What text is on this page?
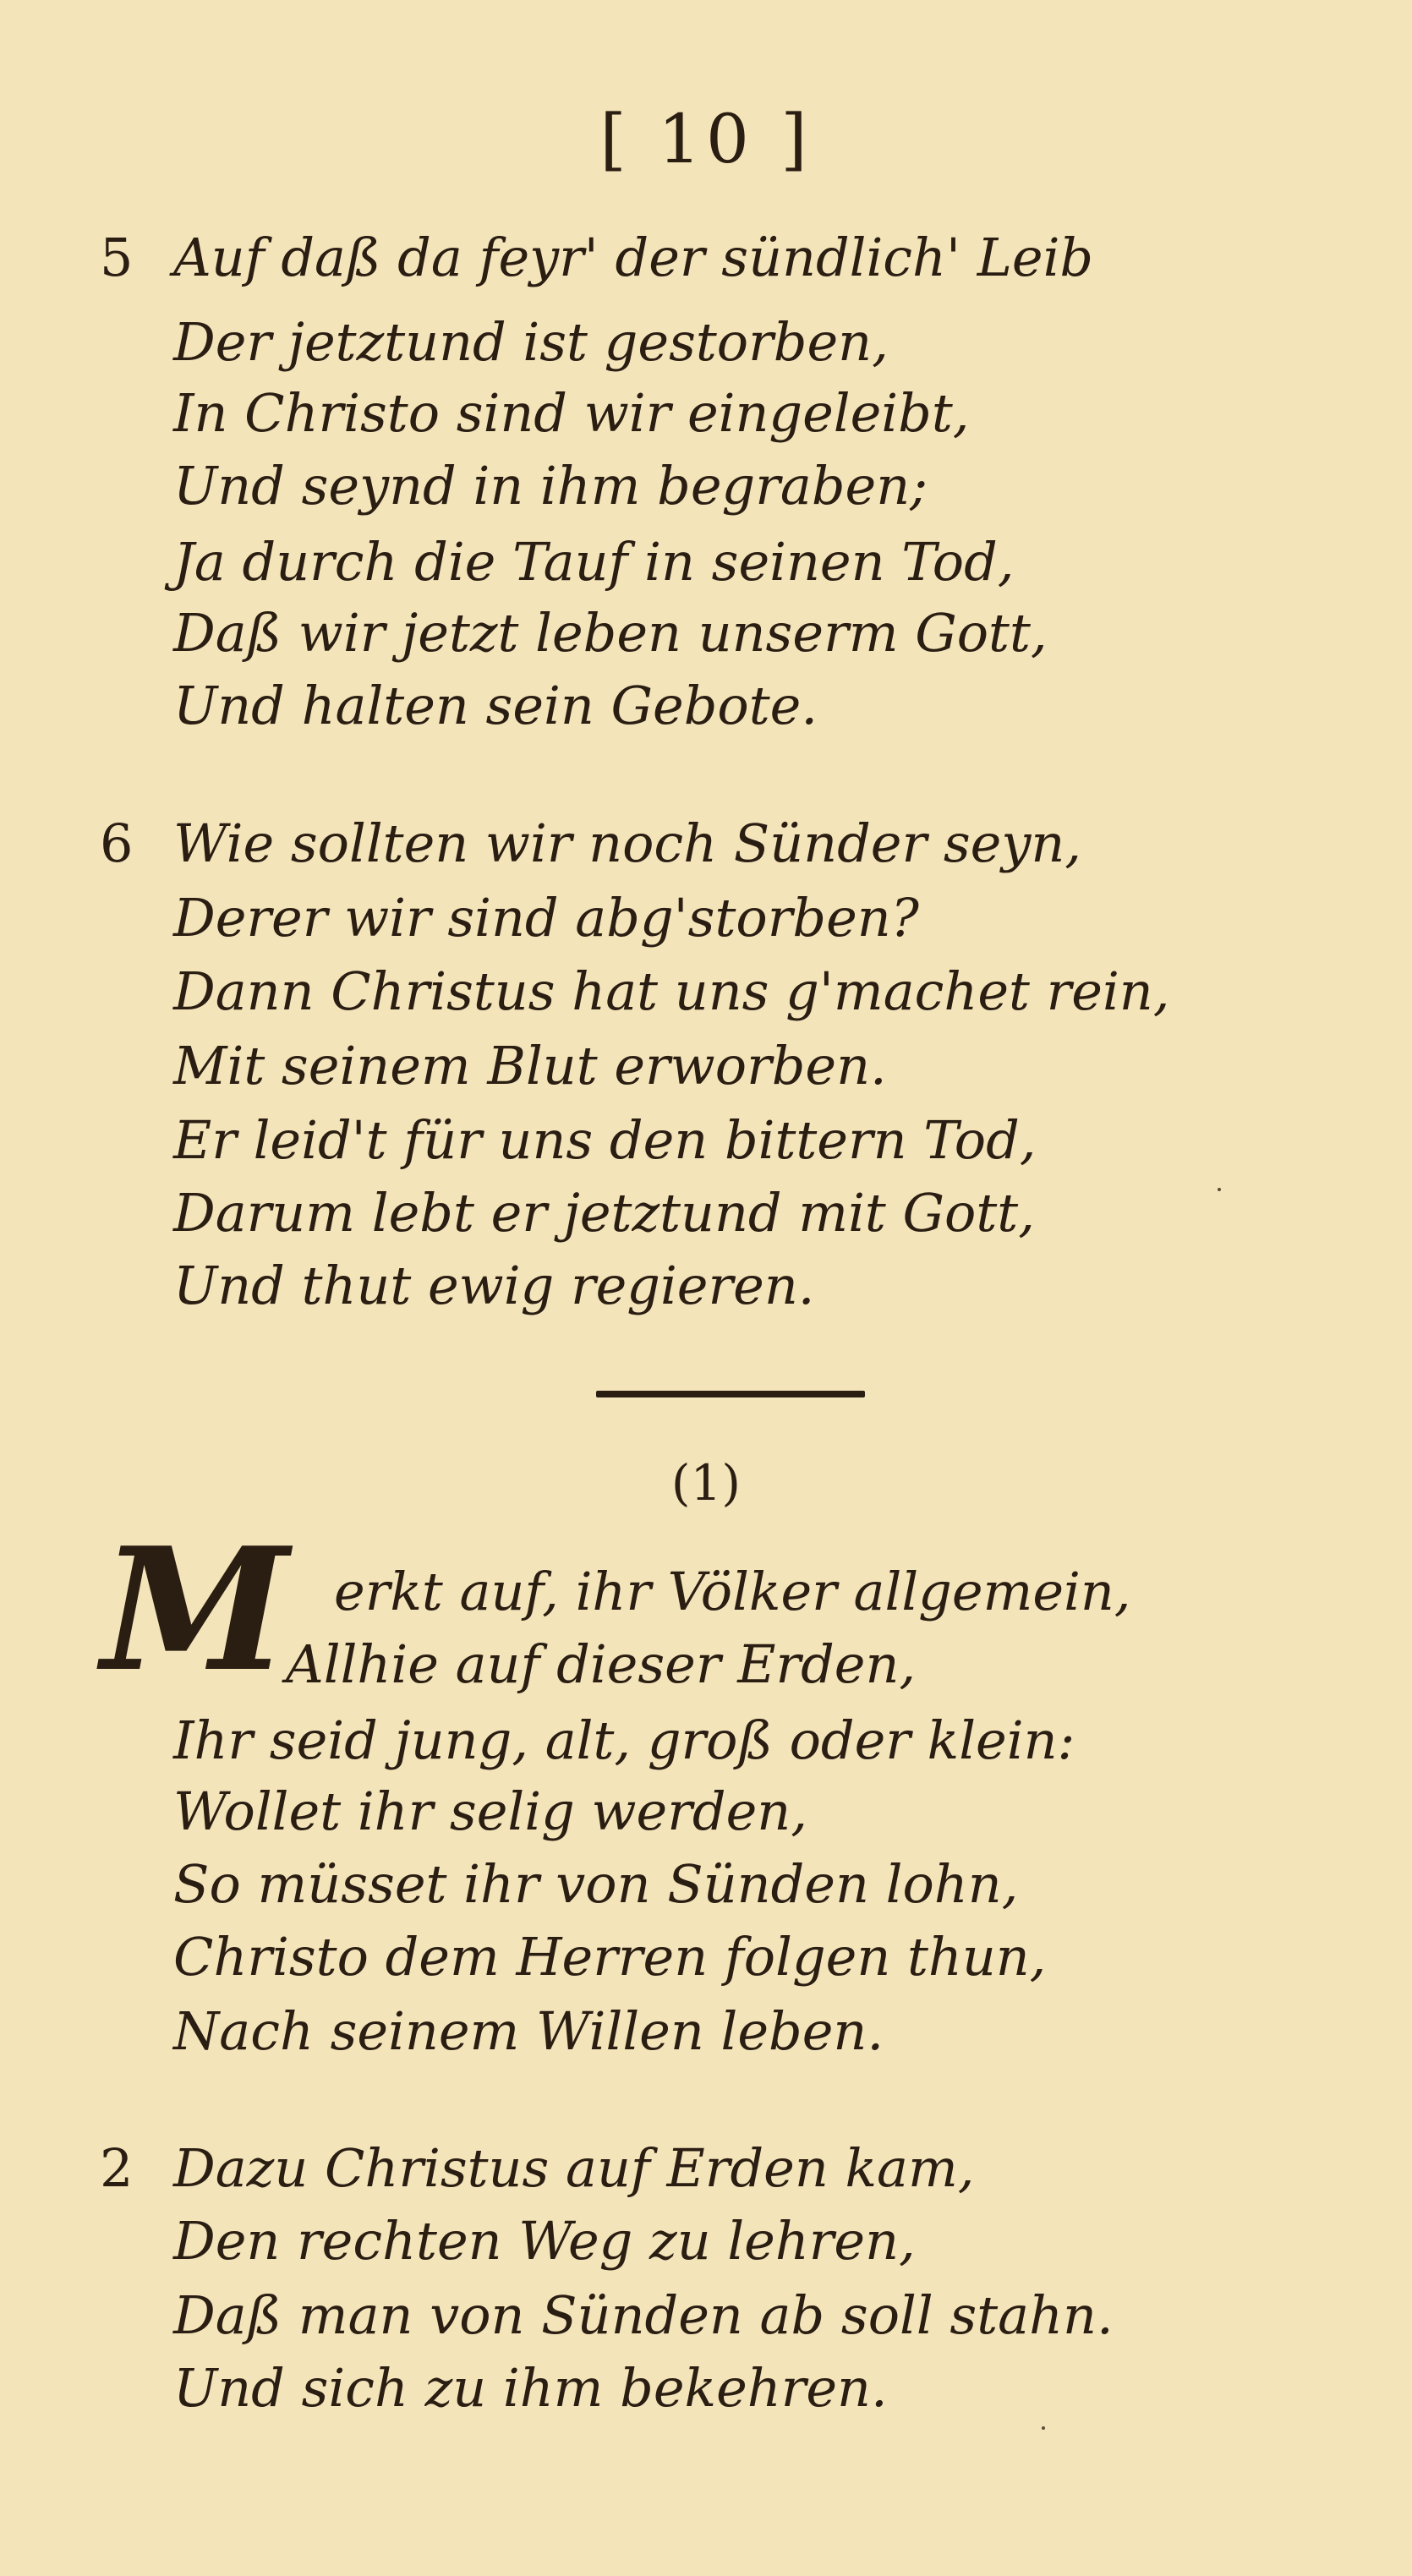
[ 10 ]
5 Auf daß da feyr' der sündlich' Leib
Der jetztund ist gestorben,
In Christo sind wir eingeleibt,
Und seynd in ihm begraben;
Ja durch die Tauf in seinen Tod,
Daß wir jetzt leben unserm Gott,
Und halten sein Gebote.
6 Wie sollten wir noch Sünder seyn,
Derer wir sind abg'storben?
Dann Christus hat uns g'machet rein,
Mit seinem Blut erworben.
Er leid't für uns den bittern Tod,
Darum lebt er jetztund mit Gott,
Und thut ewig regieren.
(1)
M erkt auf, ihr Völker allgemein,
Allhie auf dieser Erden,
Ihr seid jung, alt, groß oder klein:
Wollet ihr selig werden,
So müsset ihr von Sünden lohn,
Christo dem Herren folgen thun,
Nach seinem Willen leben.
2 Dazu Christus auf Erden kam,
Den rechten Weg zu lehren,
Daß man von Sünden ab soll stahn.
Und sich zu ihm bekehren.
